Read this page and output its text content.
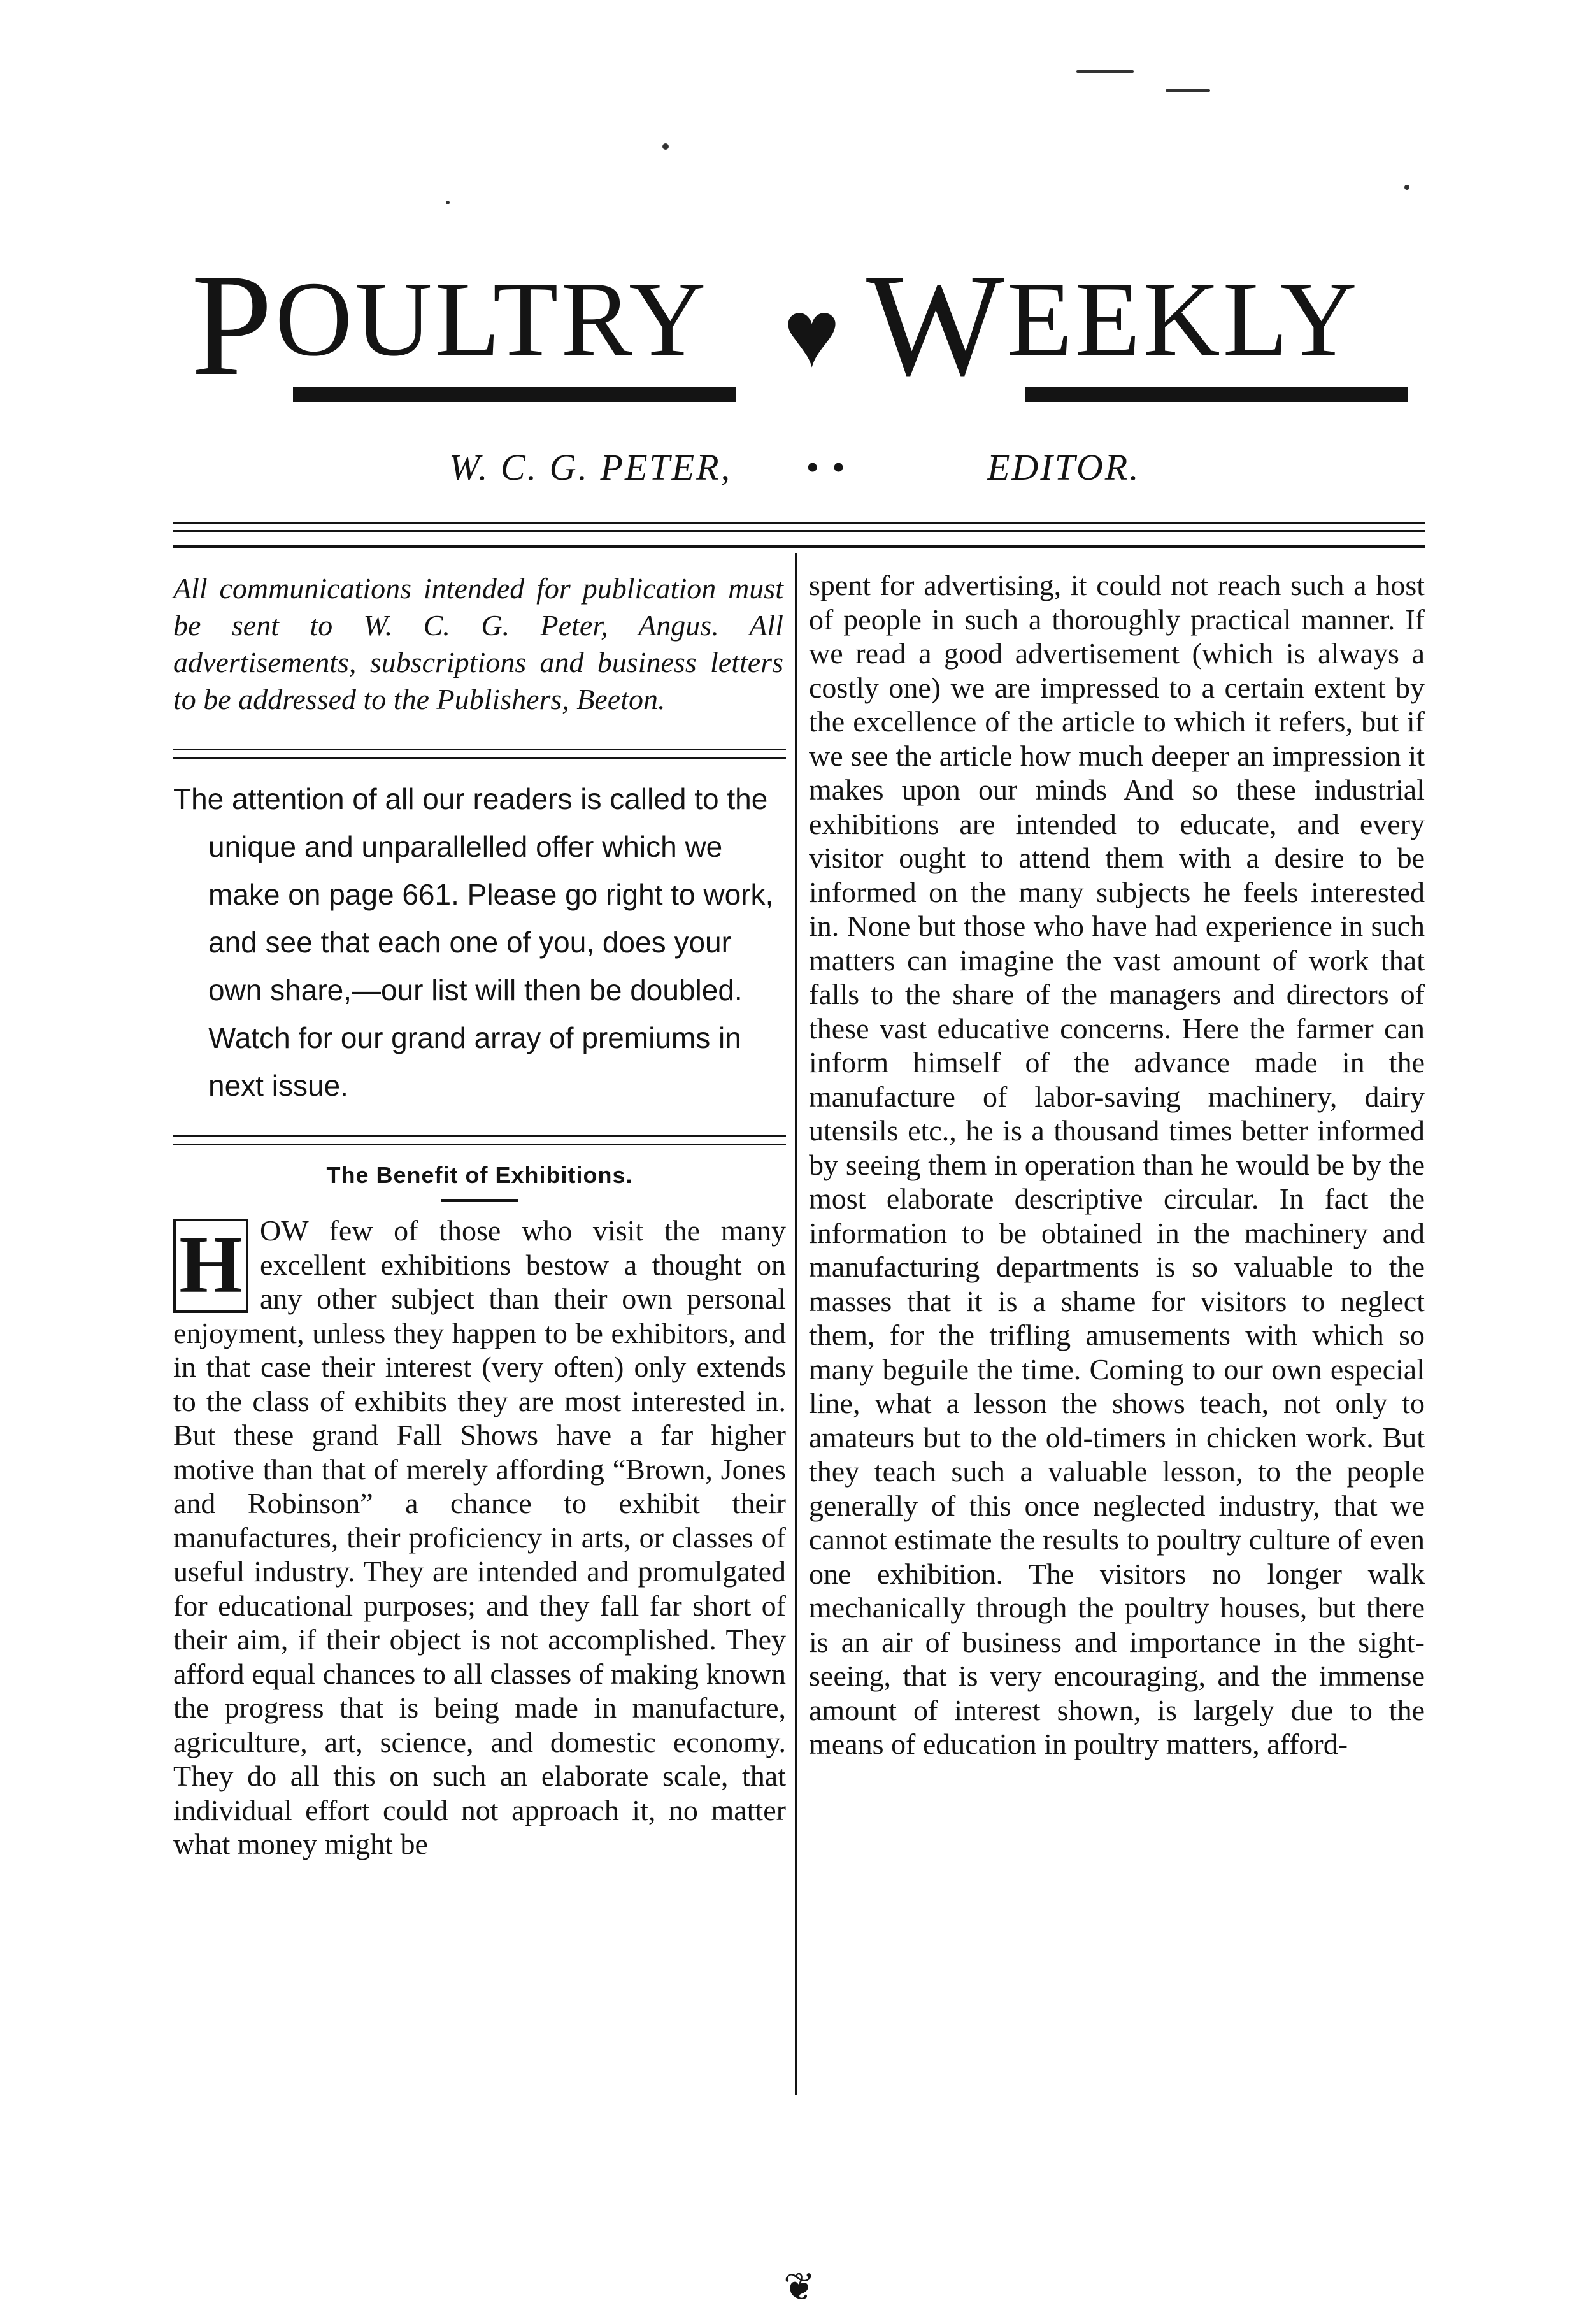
POULTRY ♥ WEEKLY
W. C. G. PETER, • •	EDITOR.

All communications intended for publication must be sent to W. C. G. Peter, Angus. All advertisements, subscriptions and business letters to be addressed to the Publishers, Beeton.

The attention of all our readers is called to the unique and unparallelled offer which we make on page 661. Please go right to work, and see that each one of you, does your own share,—our list will then be doubled. Watch for our grand array of premiums in next issue.

The Benefit of Exhibitions.

H OW few of those who visit the many excellent exhibitions bestow a thought on any other subject than their own personal enjoyment, unless they happen to be exhibitors, and in that case their interest (very often) only extends to the class of exhibits they are most interested in. But these grand Fall Shows have a far higher motive than that of merely affording “Brown, Jones and Robinson” a chance to exhibit their manufactures, their proficiency in arts, or classes of useful industry. They are intended and promulgated for educational purposes; and they fall far short of their aim, if their object is not accomplished. They afford equal chances to all classes of making known the progress that is being made in manufacture, agriculture, art, science, and domestic economy. They do all this on such an elaborate scale, that individual effort could not approach it, no matter what money might be

spent for advertising, it could not reach such a host of people in such a thoroughly practical manner. If we read a good advertisement (which is always a costly one) we are impressed to a certain extent by the excellence of the article to which it refers, but if we see the article how much deeper an impression it makes upon our minds And so these industrial exhibitions are intended to educate, and every visitor ought to attend them with a desire to be informed on the many subjects he feels interested in. None but those who have had experience in such matters can imagine the vast amount of work that falls to the share of the managers and directors of these vast educative concerns. Here the farmer can inform himself of the advance made in the manufacture of labor-saving machinery, dairy utensils etc., he is a thousand times better informed by seeing them in operation than he would be by the most elaborate descriptive circular. In fact the information to be obtained in the machinery and manufacturing departments is so valuable to the masses that it is a shame for visitors to neglect them, for the trifling amusements with which so many beguile the time. Coming to our own especial line, what a lesson the shows teach, not only to amateurs but to the old-timers in chicken work. But they teach such a valuable lesson, to the people generally of this once neglected industry, that we cannot estimate the results to poultry culture of even one exhibition. The visitors no longer walk mechanically through the poultry houses, but there is an air of business and importance in the sight-seeing, that is very encouraging, and the immense amount of interest shown, is largely due to the means of education in poultry matters, afford-

❦
